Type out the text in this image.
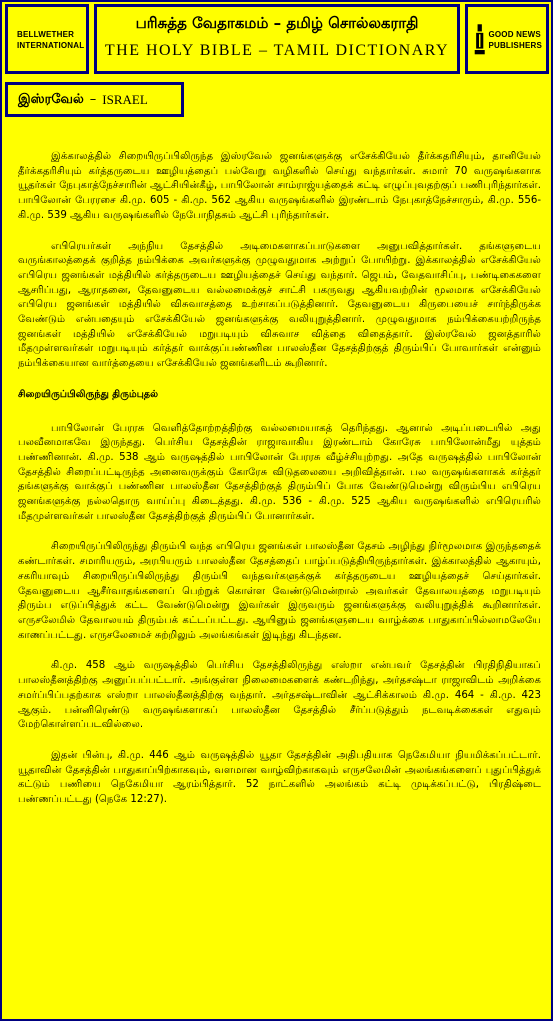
BELLWETHER
INTERNATIONAL
பரிசுத்த வேதாகமம் – தமிழ் சொல்லகராதி
THE HOLY BIBLE – TAMIL DICTIONARY
GOOD NEWS
PUBLISHERS
இஸ்ரவேல் – ISRAEL

இக்காலத்தில் சிறையிருப்பிலிருந்த இஸ்ரவேல் ஜனங்களுக்கு எசேக்கியேல் தீர்க்கதரிசியும், தானியேல் தீர்க்கதரிசியும் கர்த்தருடைய ஊழியத்தைப் பல்வேறு வழிகளில் செய்து வந்தார்கள். சுமார் 70 வருஷங்களாக யூதர்கள் நேபுகாத்நேச்சாரின் ஆட்சியின்கீழ், பாபிலோன் சாம்ராஜ்யத்தைக் கட்டி எழுப்புவதற்குப் பணிபுரிந்தார்கள். பாபிலோன் பேரரசை கி.மு. 605 - கி.மு. 562 ஆகிய வருஷங்களில் இரண்டாம் நேபுகாத்நேச்சாரும், கி.மு. 556- கி.மு. 539 ஆகிய வருஷங்களில் நேபோநிதசும் ஆட்சி புரிந்தார்கள்.

எபிரெயர்கள் அந்நிய தேசத்தில் அடிமைகளாகப்பாடுகளை அனுபவித்தார்கள். தங்களுடைய வருங்காலத்தைக் குறித்த நம்பிக்கை அவர்களுக்கு முழுவதுமாக அற்றுப் போயிற்று. இக்காலத்தில் எசேக்கியேல் எபிரெய ஜனங்கள் மத்தியில் கர்த்தருடைய ஊழியத்தைச் செய்து வந்தார். ஜெபம், வேதவாசிப்பு, பண்டிகைகளை ஆசரிப்பது, ஆராதனை, தேவனுடைய வல்லமைக்குச் சாட்சி பகருவது ஆகியவற்றின் மூலமாக எசேக்கியேல் எபிரெய ஜனங்கள் மத்தியில் விசுவாசத்தை உற்சாகப்படுத்தினார். தேவனுடைய கிருபையைச் சார்ந்திருக்க வேண்டும் என்பதையும் எசேக்கியேல் ஜனங்களுக்கு வலியுறுத்தினார். முழுவதுமாக நம்பிக்கையற்றிருந்த ஜனங்கள் மத்தியில் எசேக்கியேல் மறுபடியும் விசுவாச வித்தை விதைத்தார். இஸ்ரவேல் ஜனத்தாரில் மீதமுள்ளவர்கள் மறுபடியும் கர்த்தர் வாக்குப்பண்ணின பாலஸ்தீன தேசத்திற்குத் திரும்பிப் போவார்கள் என்னும் நம்பிக்கையான வார்த்தையை எசேக்கியேல் ஜனங்களிடம் கூறினார்.

சிறையிருப்பிலிருந்து திரும்புதல்

பாபிலோன் பேரரசு வெளித்தோற்றத்திற்கு வல்லமையாகத் தெரிந்தது. ஆனால் அடிப்படையில் அது பலவீனமாகவே இருந்தது. பெர்சிய தேசத்தின் ராஜாவாகிய இரண்டாம் கோரேசு பாபிலோன்மீது யுத்தம் பண்ணினான். கி.மு. 538 ஆம் வருஷத்தில் பாபிலோன் பேரரசு வீழ்ச்சியுற்றது. அதே வருஷத்தில் பாபிலோன் தேசத்தில் சிறைப்பட்டிருந்த அனைவருக்கும் கோரேசு விடுதலையை அறிவித்தான். பல வருஷங்களாகக் கர்த்தர் தங்களுக்கு வாக்குப் பண்ணின பாலஸ்தீன தேசத்திற்குத் திரும்பிப் போக வேண்டுமென்று விரும்பிய எபிரெய ஜனங்களுக்கு நல்லதொரு வாய்ப்பு கிடைத்தது. கி.மு. 536 - கி.மு. 525 ஆகிய வருஷங்களில் எபிரெயரில் மீதமுள்ளவர்கள் பாலஸ்தீன தேசத்திற்குத் திரும்பிப் போனார்கள்.

சிறையிருப்பிலிருந்து திரும்பி வந்த எபிரெய ஜனங்கள் பாலஸ்தீன தேசம் அழிந்து நிர்மூலமாக இருந்ததைக் கண்டார்கள். சமாரியரும், அரபியரும் பாலஸ்தீன தேசத்தைப் பாழ்ப்படுத்தியிருந்தார்கள். இக்காலத்தில் ஆகாயும், சகரியாவும் சிறையிருப்பிலிருந்து திரும்பி வந்தவர்களுக்குக் கர்த்தருடைய ஊழியத்தைச் செய்தார்கள். தேவனுடைய ஆசீர்வாதங்களைப் பெற்றுக் கொள்ள வேண்டுமென்றால் அவர்கள் தேவாலயத்தை மறுபடியும் திரும்ப எடுப்பித்துக் கட்ட வேண்டுமென்று இவர்கள் இருவரும் ஜனங்களுக்கு வலியுறுத்திக் கூறினார்கள். எருசலேமில் தேவாலயம் திரும்பக் கட்டப்பட்டது. ஆயினும் ஜனங்களுடைய வாழ்க்கை பாதுகாப்பில்லாமலேயே காணப்பட்டது. எருசலேமைச் சுற்றிலும் அலங்கங்கள் இடிந்து கிடந்தன.

கி.மு. 458 ஆம் வருஷத்தில் பெர்சிய தேசத்திலிருந்து எஸ்றா என்பவர் தேசத்தின் பிரதிநிதியாகப் பாலஸ்தீனத்திற்கு அனுப்பப்பட்டார். அங்குள்ள நிலைமைகளைக் கண்டறிந்து, அர்தசஷ்டா ராஜாவிடம் அறிக்கை சமர்ப்பிப்பதற்காக எஸ்றா பாலஸ்தீனத்திற்கு வந்தார். அர்தசஷ்டாவின் ஆட்சிக்காலம் கி.மு. 464 - கி.மு. 423 ஆகும். பன்னிரெண்டு வருஷங்களாகப் பாலஸ்தீன தேசத்தில் சீர்ப்படுத்தும் நடவடிக்கைகள் எதுவும் மேற்கொள்ளப்படவில்லை.

இதன் பின்பு, கி.மு. 446 ஆம் வருஷத்தில் யூதா தேசத்தின் அதிபதியாக நெகேமியா நியமிக்கப்பட்டார். யூதாவின் தேசத்தின் பாதுகாப்பிற்காகவும், வளமான வாழ்விற்காகவும் எருசலேமின் அலங்கங்களைப் புதுப்பித்துக் கட்டும் பணியை நெகேமியா ஆரம்பித்தார். 52 நாட்களில் அலங்கம் கட்டி முடிக்கப்பட்டு, பிரதிஷ்டை பண்ணப்பட்டது (நெகே 12:27).
